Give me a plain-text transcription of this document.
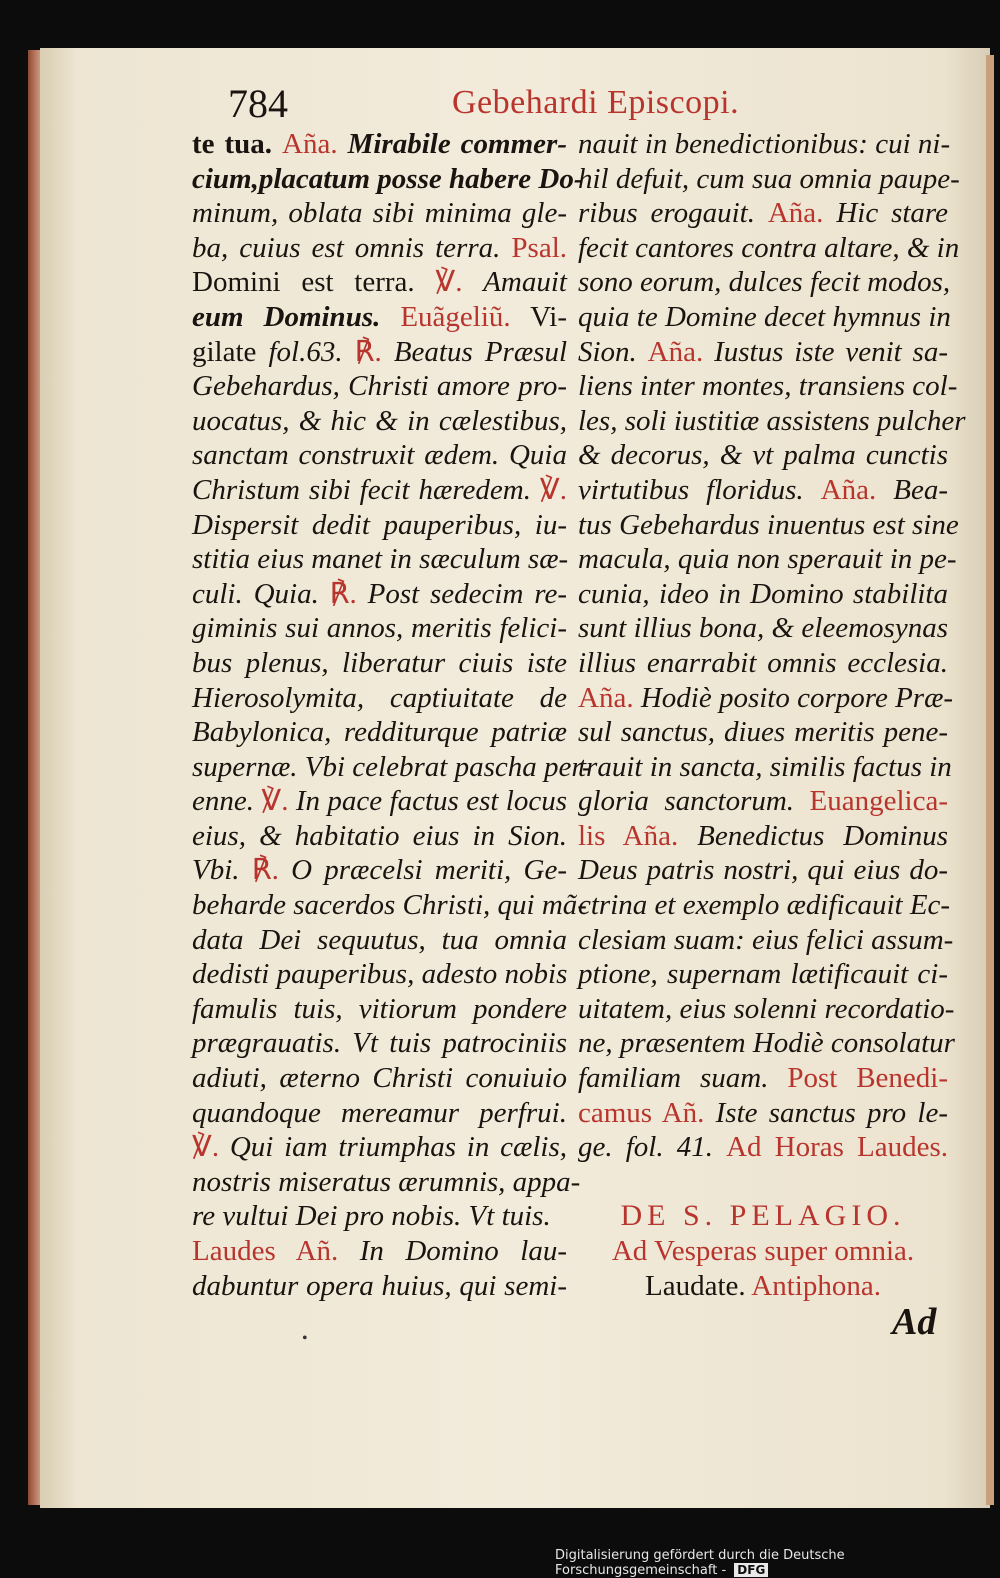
784	Gebehardi Episcopi.
te tua. Aña. Mirabile commer-
cium,placatum posse habere Do-
minum, oblata sibi minima gle-
ba, cuius est omnis terra. Psal.
Domini est terra. ℣. Amauit
eum Dominus. Euãgeliũ. Vi-
gilate fol.63. ℟. Beatus Præsul
Gebehardus, Christi amore pro-
uocatus, & hic & in cælestibus,
sanctam construxit ædem. Quia
Christum sibi fecit hæredem. ℣.
Dispersit dedit pauperibus, iu-
stitia eius manet in sæculum sæ-
culi. Quia. ℟. Post sedecim re-
giminis sui annos, meritis felici-
bus plenus, liberatur ciuis iste
Hierosolymita, captiuitate de
Babylonica, redditurque patriæ
supernæ. Vbi celebrat pascha per-
enne. ℣. In pace factus est locus
eius, & habitatio eius in Sion.
Vbi. ℟. O præcelsi meriti, Ge-
beharde sacerdos Christi, qui mã-
data Dei sequutus, tua omnia
dedisti pauperibus, adesto nobis
famulis tuis, vitiorum pondere
prægrauatis. Vt tuis patrociniis
adiuti, æterno Christi conuiuio
quandoque mereamur perfrui.
℣. Qui iam triumphas in cælis,
nostris miseratus ærumnis, appa-
re vultui Dei pro nobis. Vt tuis.
Laudes Añ. In Domino lau-
dabuntur opera huius, qui semi-
nauit in benedictionibus: cui ni-
hil defuit, cum sua omnia paupe-
ribus erogauit. Aña. Hic stare
fecit cantores contra altare, & in
sono eorum, dulces fecit modos,
quia te Domine decet hymnus in
Sion. Aña. Iustus iste venit sa-
liens inter montes, transiens col-
les, soli iustitiæ assistens pulcher
& decorus, & vt palma cunctis
virtutibus floridus. Aña. Bea-
tus Gebehardus inuentus est sine
macula, quia non sperauit in pe-
cunia, ideo in Domino stabilita
sunt illius bona, & eleemosynas
illius enarrabit omnis ecclesia.
Aña. Hodiè posito corpore Præ-
sul sanctus, diues meritis pene-
trauit in sancta, similis factus in
gloria sanctorum. Euangelica-
lis Aña. Benedictus Dominus
Deus patris nostri, qui eius do-
ctrina et exemplo ædificauit Ec-
clesiam suam: eius felici assum-
ptione, supernam lætificauit ci-
uitatem, eius solenni recordatio-
ne, præsentem Hodiè consolatur
familiam suam. Post Benedi-
camus Añ. Iste sanctus pro le-
ge. fol. 41. Ad Horas Laudes.
DE S. PELAGIO.
Ad Vesperas super omnia.
Laudate. Antiphona.
Ad
•
Digitalisierung gefördert durch die Deutsche Forschungsgemeinschaft - DFG
